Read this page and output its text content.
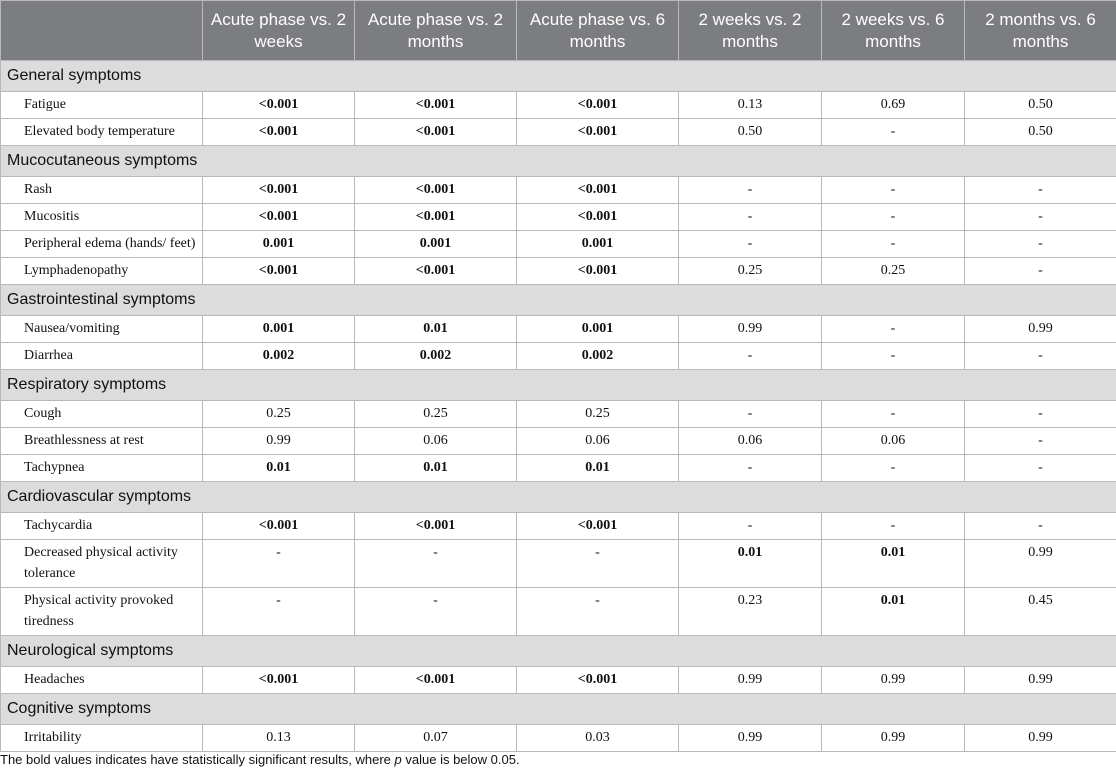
	Acute phase vs. 2 weeks	Acute phase vs. 2 months	Acute phase vs. 6 months	2 weeks vs. 2 months	2 weeks vs. 6 months	2 months vs. 6 months
General symptoms						
Fatigue	<0.001	<0.001	<0.001	0.13	0.69	0.50
Elevated body temperature	<0.001	<0.001	<0.001	0.50	-	0.50
Mucocutaneous symptoms						
Rash	<0.001	<0.001	<0.001	-	-	-
Mucositis	<0.001	<0.001	<0.001	-	-	-
Peripheral edema (hands/ feet)	0.001	0.001	0.001	-	-	-
Lymphadenopathy	<0.001	<0.001	<0.001	0.25	0.25	-
Gastrointestinal symptoms						
Nausea/vomiting	0.001	0.01	0.001	0.99	-	0.99
Diarrhea	0.002	0.002	0.002	-	-	-
Respiratory symptoms						
Cough	0.25	0.25	0.25	-	-	-
Breathlessness at rest	0.99	0.06	0.06	0.06	0.06	-
Tachypnea	0.01	0.01	0.01	-	-	-
Cardiovascular symptoms						
Tachycardia	<0.001	<0.001	<0.001	-	-	-
Decreased physical activity tolerance	-	-	-	0.01	0.01	0.99
Physical activity provoked tiredness	-	-	-	0.23	0.01	0.45
Neurological symptoms						
Headaches	<0.001	<0.001	<0.001	0.99	0.99	0.99
Cognitive symptoms						
Irritability	0.13	0.07	0.03	0.99	0.99	0.99
The bold values indicates have statistically significant results, where p value is below 0.05.
